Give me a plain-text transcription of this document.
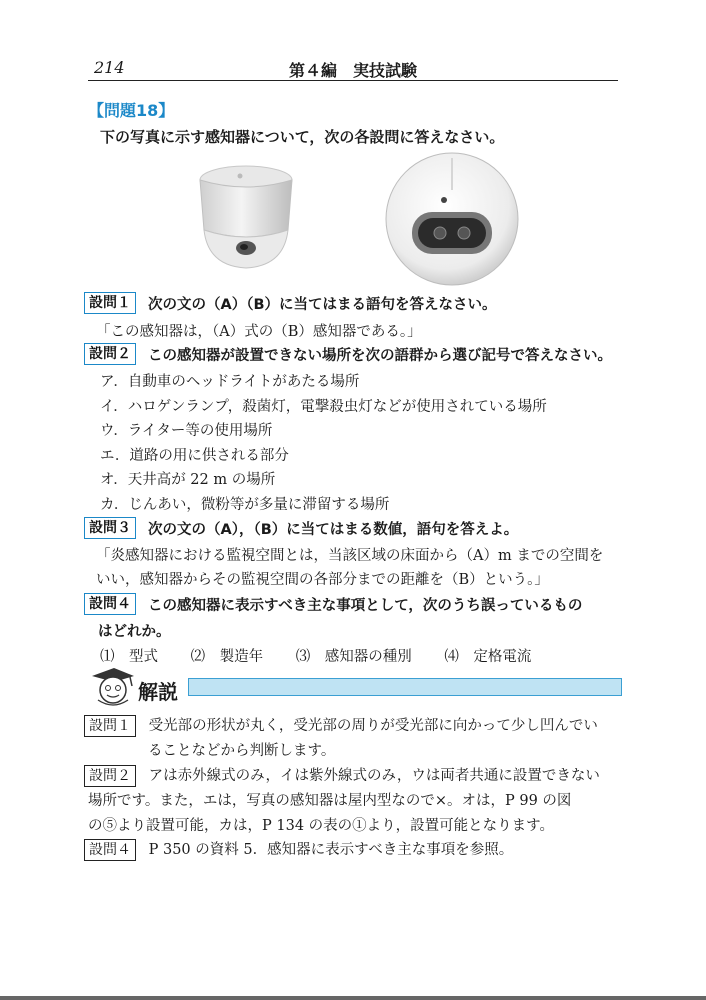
214	第４編　実技試験
【問題18】
下の写真に示す感知器について，次の各設問に答えなさい。
設問１	次の文の（A）（B）に当てはまる語句を答えなさい。
「この感知器は，（A）式の（B）感知器である。」
設問２	この感知器が設置できない場所を次の語群から選び記号で答えなさい。
ア．自動車のヘッドライトがあたる場所
イ．ハロゲンランプ，殺菌灯，電撃殺虫灯などが使用されている場所
ウ．ライター等の使用場所
エ．道路の用に供される部分
オ．天井高が 22 m の場所
カ．じんあい，微粉等が多量に滞留する場所
設問３	次の文の（A），（B）に当てはまる数値，語句を答えよ。
「炎感知器における監視空間とは，当該区域の床面から（A）m までの空間を
いい，感知器からその監視空間の各部分までの距離を（B）という。」
設問４	この感知器に表示すべき主な事項として，次のうち誤っているもの
はどれか。
⑴　型式 ⑵　製造年 ⑶　感知器の種別 ⑷　定格電流
解説
設問１ 受光部の形状が丸く，受光部の周りが受光部に向かって少し凹んでい
ることなどから判断します。
設問２ アは赤外線式のみ，イは紫外線式のみ，ウは両者共通に設置できない
場所です。また，エは，写真の感知器は屋内型なので×。オは，P 99 の図
の⑤より設置可能，カは，P 134 の表の①より，設置可能となります。
設問４ P 350 の資料 5．感知器に表示すべき主な事項を参照。
